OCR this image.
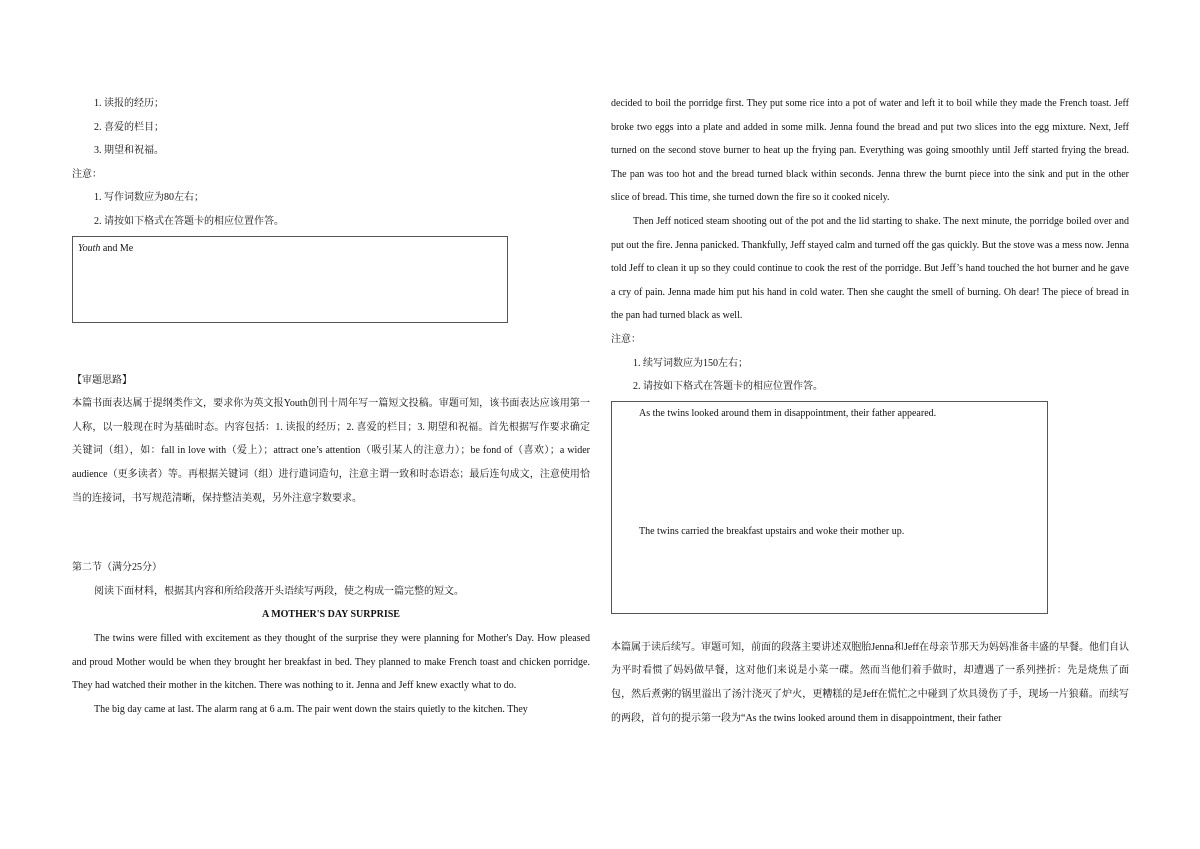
1. 读报的经历；

2. 喜爱的栏目；

3. 期望和祝福。

注意：

1. 写作词数应为80左右；

2. 请按如下格式在答题卡的相应位置作答。

Youth and Me

【审题思路】

本篇书面表达属于提纲类作文，要求你为英文报Youth创刊十周年写一篇短文投稿。审题可知，该书面表达应该用第一人称，以一般现在时为基础时态。内容包括：1. 读报的经历；2. 喜爱的栏目；3. 期望和祝福。首先根据写作要求确定关键词（组），如：fall in love with（爱上）；attract one’s attention（吸引某人的注意力）；be fond of（喜欢）；a wider audience（更多读者）等。再根据关键词（组）进行遣词造句，注意主谓一致和时态语态；最后连句成文，注意使用恰当的连接词，书写规范清晰，保持整洁美观，另外注意字数要求。

第二节（满分25分）

阅读下面材料，根据其内容和所给段落开头语续写两段，使之构成一篇完整的短文。

A MOTHER'S DAY SURPRISE

The twins were filled with excitement as they thought of the surprise they were planning for Mother's Day. How pleased and proud Mother would be when they brought her breakfast in bed. They planned to make French toast and chicken porridge. They had watched their mother in the kitchen. There was nothing to it. Jenna and Jeff knew exactly what to do.

The big day came at last. The alarm rang at 6 a.m. The pair went down the stairs quietly to the kitchen. They

decided to boil the porridge first. They put some rice into a pot of water and left it to boil while they made the French toast. Jeff broke two eggs into a plate and added in some milk. Jenna found the bread and put two slices into the egg mixture. Next, Jeff turned on the second stove burner to heat up the frying pan. Everything was going smoothly until Jeff started frying the bread. The pan was too hot and the bread turned black within seconds. Jenna threw the burnt piece into the sink and put in the other slice of bread. This time, she turned down the fire so it cooked nicely.

Then Jeff noticed steam shooting out of the pot and the lid starting to shake. The next minute, the porridge boiled over and put out the fire. Jenna panicked. Thankfully, Jeff stayed calm and turned off the gas quickly. But the stove was a mess now. Jenna told Jeff to clean it up so they could continue to cook the rest of the porridge. But Jeff’s hand touched the hot burner and he gave a cry of pain. Jenna made him put his hand in cold water. Then she caught the smell of burning. Oh dear! The piece of bread in the pan had turned black as well.

注意：

1. 续写词数应为150左右；

2. 请按如下格式在答题卡的相应位置作答。

As the twins looked around them in disappointment, their father appeared.
The twins carried the breakfast upstairs and woke their mother up.

本篇属于读后续写。审题可知，前面的段落主要讲述双胞胎Jenna和Jeff在母亲节那天为妈妈准备丰盛的早餐。他们自认为平时看惯了妈妈做早餐，这对他们来说是小菜一碟。然而当他们着手做时，却遭遇了一系列挫折：先是烧焦了面包，然后煮粥的锅里溢出了汤汁浇灭了炉火，更糟糕的是Jeff在慌忙之中碰到了炊具烫伤了手，现场一片狼藉。而续写的两段，首句的提示第一段为“As the twins looked around them in disappointment, their father
